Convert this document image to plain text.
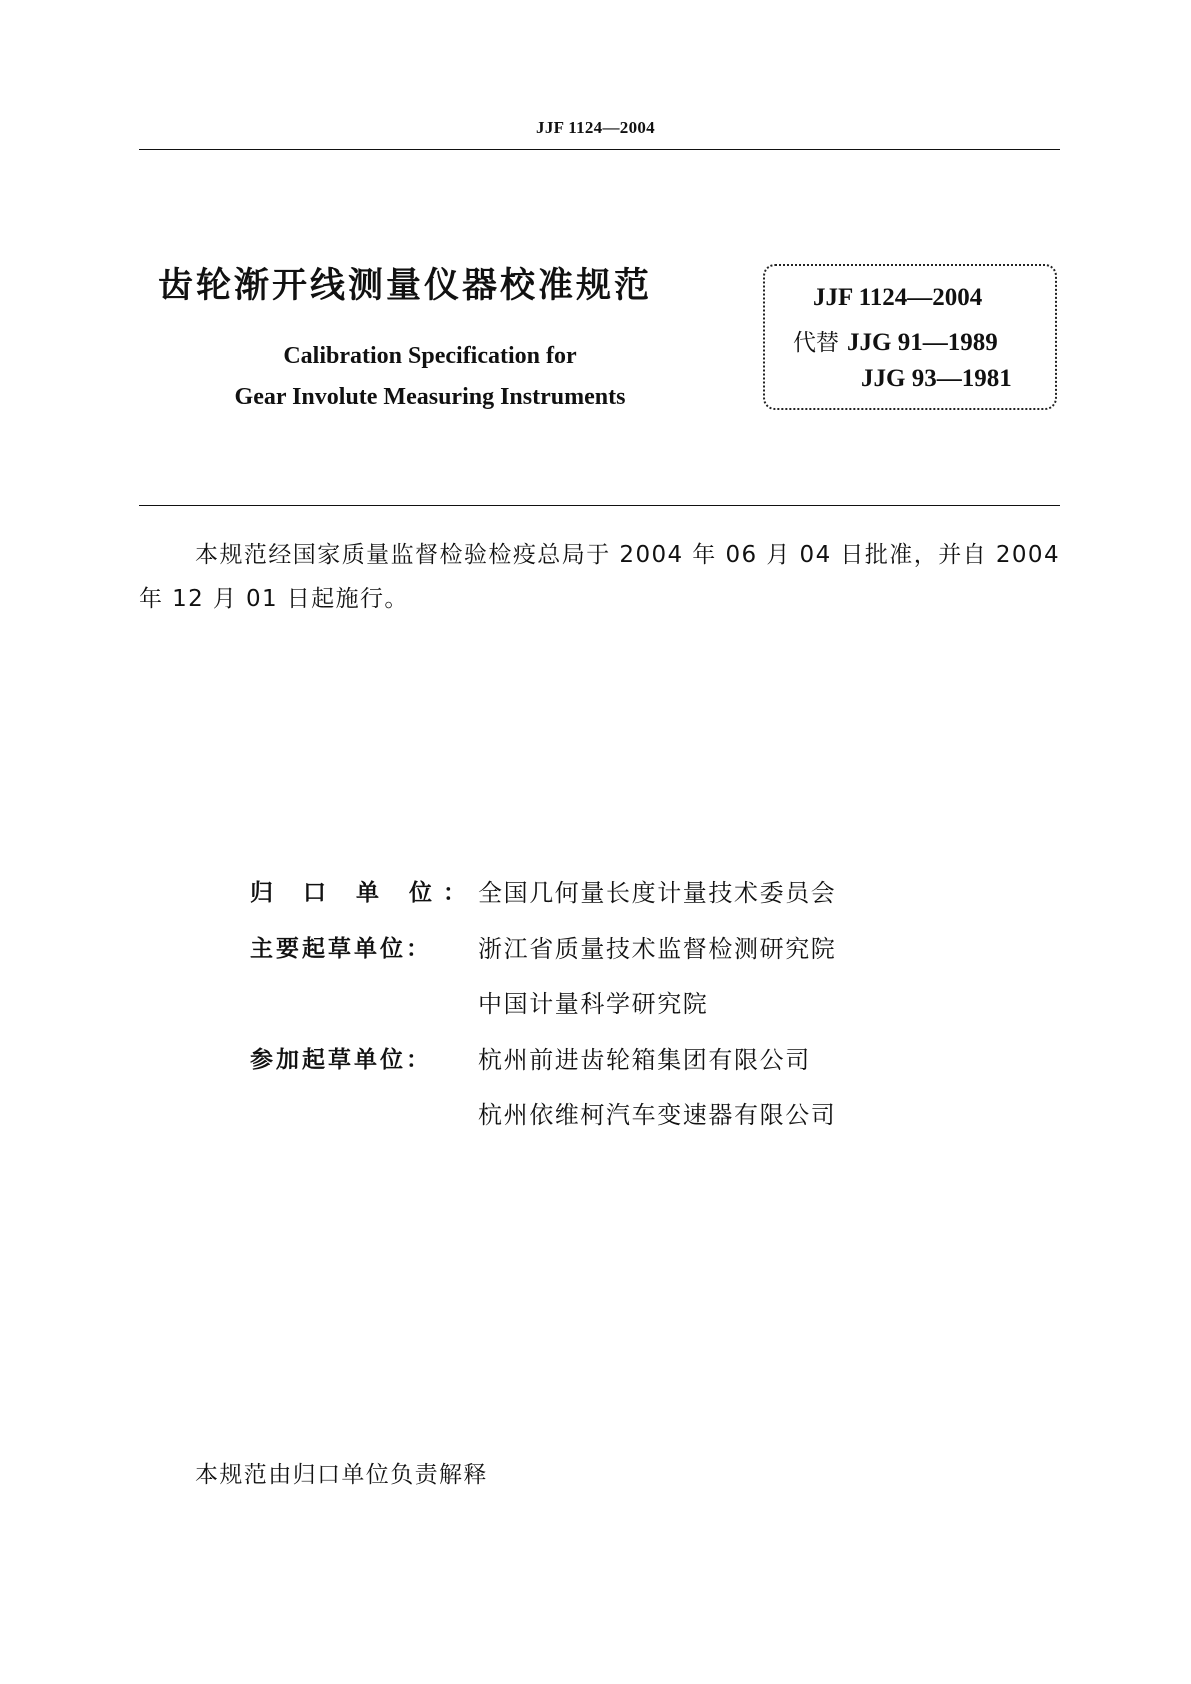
JJF 1124—2004
齿轮渐开线测量仪器校准规范
Calibration Specification for
Gear Involute Measuring Instruments
JJF 1124—2004
代替 JJG 91—1989
JJG 93—1981
本规范经国家质量监督检验检疫总局于 2004 年 06 月 04 日批准，并自 2004 年 12 月 01 日起施行。
归 口 单 位： 全国几何量长度计量技术委员会
主要起草单位： 浙江省质量技术监督检测研究院
中国计量科学研究院
参加起草单位： 杭州前进齿轮箱集团有限公司
杭州依维柯汽车变速器有限公司
本规范由归口单位负责解释
